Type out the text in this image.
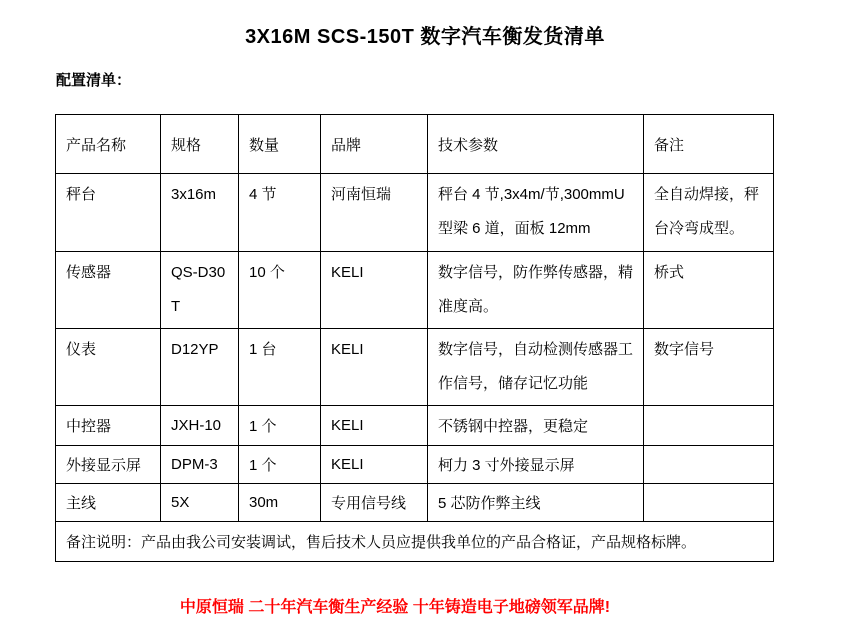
3X16M SCS-150T 数字汽车衡发货清单
配置清单：
产品名称	规格	数量	品牌	技术参数	备注
秤台	3x16m	4 节	河南恒瑞	秤台 4 节,3x4m/节,300mmU 型梁 6 道，面板 12mm	全自动焊接，秤台冷弯成型。
传感器	QS-D30T	10 个	KELI	数字信号，防作弊传感器，精准度高。	桥式
仪表	D12YP	1 台	KELI	数字信号，自动检测传感器工作信号，储存记忆功能	数字信号
中控器	JXH-10	1 个	KELI	不锈钢中控器，更稳定	
外接显示屏	DPM-3	1 个	KELI	柯力 3 寸外接显示屏	
主线	5X	30m	专用信号线	5 芯防作弊主线	
备注说明：产品由我公司安装调试，售后技术人员应提供我单位的产品合格证，产品规格标牌。					
中原恒瑞 二十年汽车衡生产经验 十年铸造电子地磅领军品牌!
